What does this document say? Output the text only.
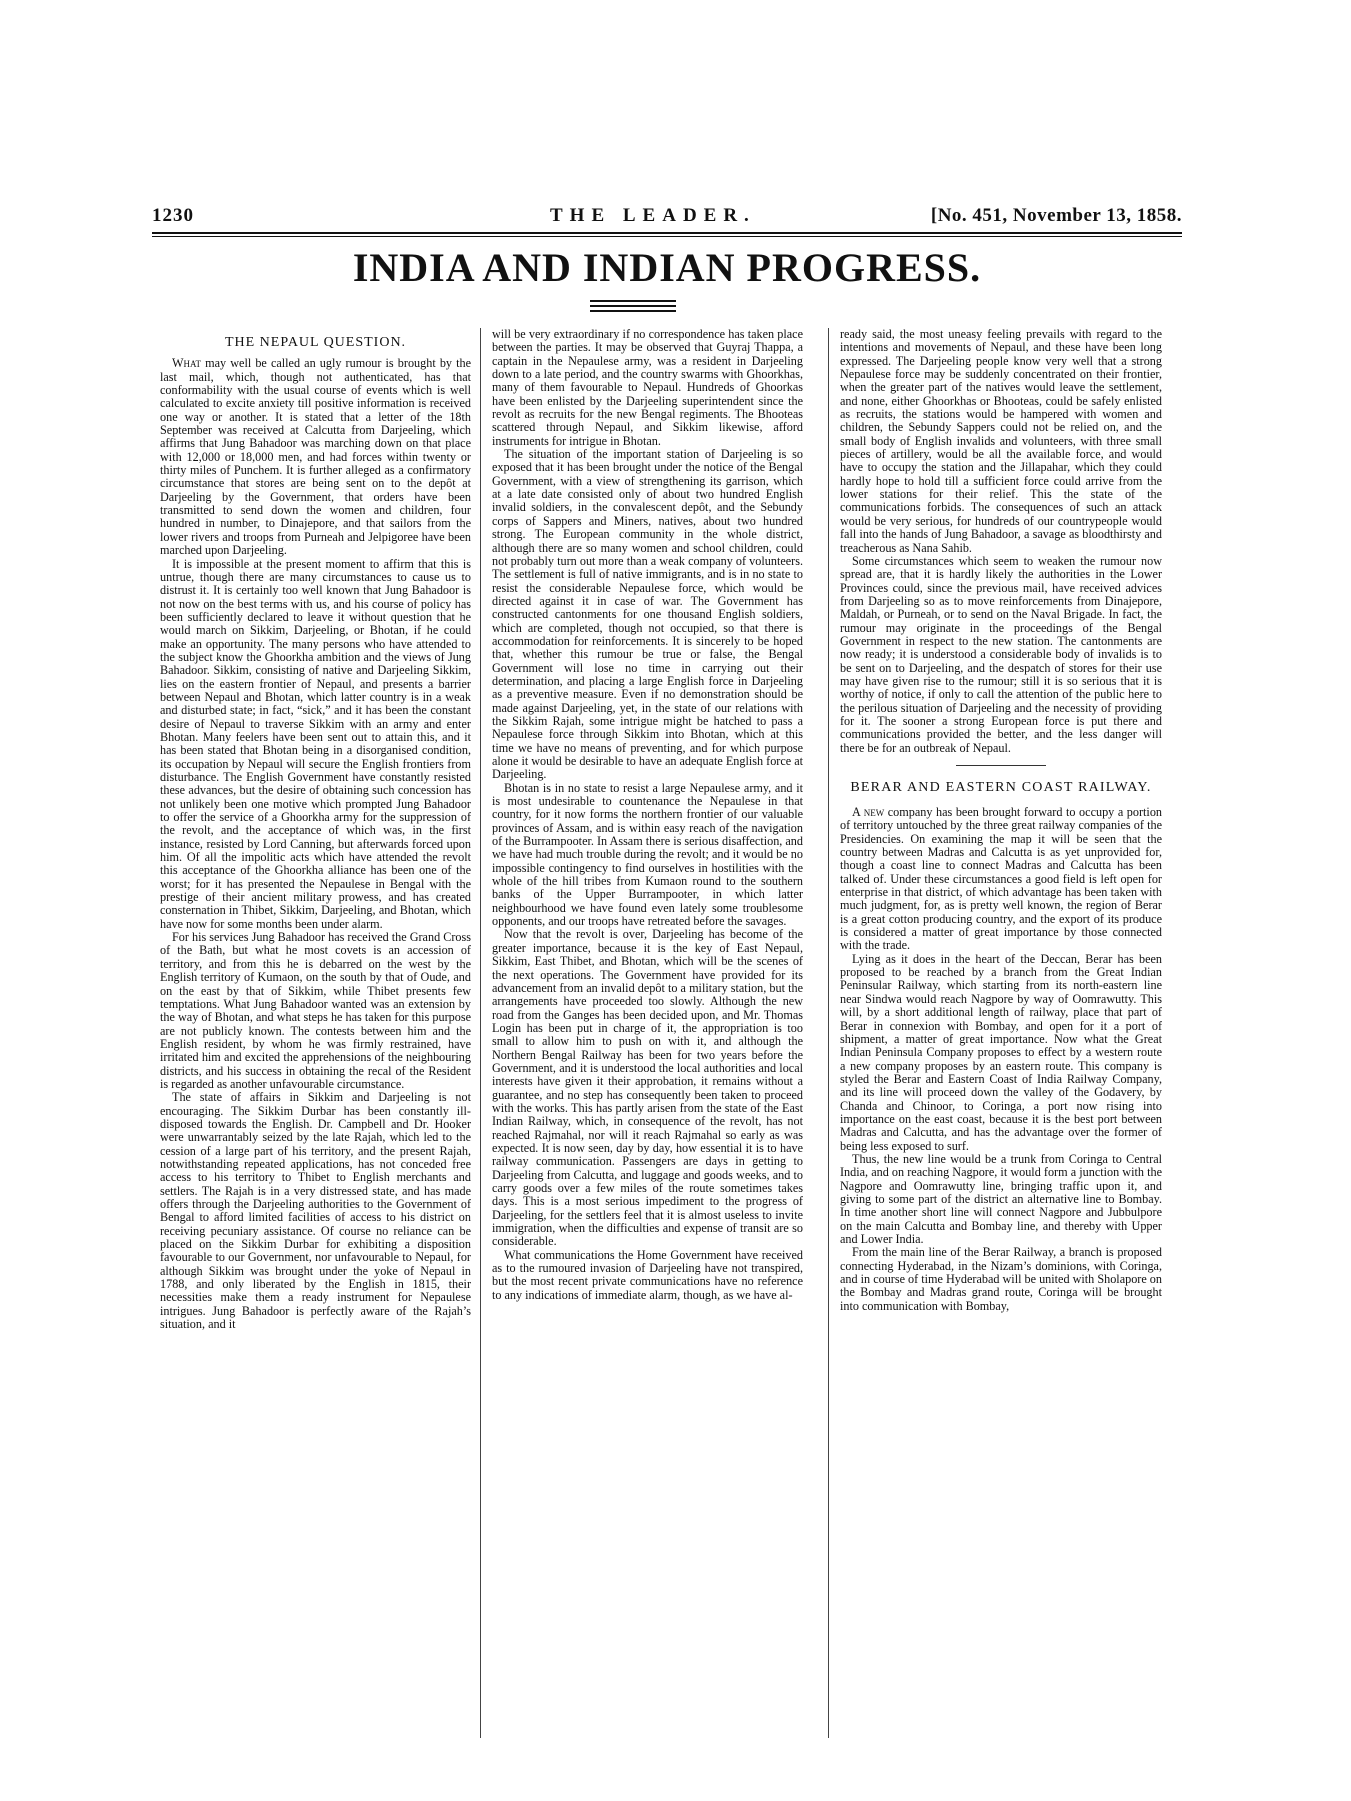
1230	THE LEADER.	[No. 451, November 13, 1858.
INDIA AND INDIAN PROGRESS.
THE NEPAUL QUESTION.

What may well be called an ugly rumour is brought by the last mail, which, though not authenticated, has that conformability with the usual course of events which is well calculated to excite anxiety till positive information is received one way or another. It is stated that a letter of the 18th September was received at Calcutta from Darjeeling, which affirms that Jung Bahadoor was marching down on that place with 12,000 or 18,000 men, and had forces within twenty or thirty miles of Punchem. It is further alleged as a confirmatory circumstance that stores are being sent on to the depôt at Darjeeling by the Government, that orders have been transmitted to send down the women and children, four hundred in number, to Dinajepore, and that sailors from the lower rivers and troops from Purneah and Jelpigoree have been marched upon Darjeeling.

It is impossible at the present moment to affirm that this is untrue, though there are many circumstances to cause us to distrust it. It is certainly too well known that Jung Bahadoor is not now on the best terms with us, and his course of policy has been sufficiently declared to leave it without question that he would march on Sikkim, Darjeeling, or Bhotan, if he could make an opportunity. The many persons who have attended to the subject know the Ghoorkha ambition and the views of Jung Bahadoor. Sikkim, consisting of native and Darjeeling Sikkim, lies on the eastern frontier of Nepaul, and presents a barrier between Nepaul and Bhotan, which latter country is in a weak and disturbed state; in fact, “sick,” and it has been the constant desire of Nepaul to traverse Sikkim with an army and enter Bhotan. Many feelers have been sent out to attain this, and it has been stated that Bhotan being in a disorganised condition, its occupation by Nepaul will secure the English frontiers from disturbance. The English Government have constantly resisted these advances, but the desire of obtaining such concession has not unlikely been one motive which prompted Jung Bahadoor to offer the service of a Ghoorkha army for the suppression of the revolt, and the acceptance of which was, in the first instance, resisted by Lord Canning, but afterwards forced upon him. Of all the impolitic acts which have attended the revolt this acceptance of the Ghoorkha alliance has been one of the worst; for it has presented the Nepaulese in Bengal with the prestige of their ancient military prowess, and has created consternation in Thibet, Sikkim, Darjeeling, and Bhotan, which have now for some months been under alarm.

For his services Jung Bahadoor has received the Grand Cross of the Bath, but what he most covets is an accession of territory, and from this he is debarred on the west by the English territory of Kumaon, on the south by that of Oude, and on the east by that of Sikkim, while Thibet presents few temptations. What Jung Bahadoor wanted was an extension by the way of Bhotan, and what steps he has taken for this purpose are not publicly known. The contests between him and the English resident, by whom he was firmly restrained, have irritated him and excited the apprehensions of the neighbouring districts, and his success in obtaining the recal of the Resident is regarded as another unfavourable circumstance.

The state of affairs in Sikkim and Darjeeling is not encouraging. The Sikkim Durbar has been constantly ill-disposed towards the English. Dr. Campbell and Dr. Hooker were unwarrantably seized by the late Rajah, which led to the cession of a large part of his territory, and the present Rajah, notwithstanding repeated applications, has not conceded free access to his territory to Thibet to English merchants and settlers. The Rajah is in a very distressed state, and has made offers through the Darjeeling authorities to the Government of Bengal to afford limited facilities of access to his district on receiving pecuniary assistance. Of course no reliance can be placed on the Sikkim Durbar for exhibiting a disposition favourable to our Government, nor unfavourable to Nepaul, for although Sikkim was brought under the yoke of Nepaul in 1788, and only liberated by the English in 1815, their necessities make them a ready instrument for Nepaulese intrigues. Jung Bahadoor is perfectly aware of the Rajah’s situation, and it

will be very extraordinary if no correspondence has taken place between the parties. It may be observed that Guyraj Thappa, a captain in the Nepaulese army, was a resident in Darjeeling down to a late period, and the country swarms with Ghoorkhas, many of them favourable to Nepaul. Hundreds of Ghoorkas have been enlisted by the Darjeeling superintendent since the revolt as recruits for the new Bengal regiments. The Bhooteas scattered through Nepaul, and Sikkim likewise, afford instruments for intrigue in Bhotan.

The situation of the important station of Darjeeling is so exposed that it has been brought under the notice of the Bengal Government, with a view of strengthening its garrison, which at a late date consisted only of about two hundred English invalid soldiers, in the convalescent depôt, and the Sebundy corps of Sappers and Miners, natives, about two hundred strong. The European community in the whole district, although there are so many women and school children, could not probably turn out more than a weak company of volunteers. The settlement is full of native immigrants, and is in no state to resist the considerable Nepaulese force, which would be directed against it in case of war. The Government has constructed cantonments for one thousand English soldiers, which are completed, though not occupied, so that there is accommodation for reinforcements. It is sincerely to be hoped that, whether this rumour be true or false, the Bengal Government will lose no time in carrying out their determination, and placing a large English force in Darjeeling as a preventive measure. Even if no demonstration should be made against Darjeeling, yet, in the state of our relations with the Sikkim Rajah, some intrigue might be hatched to pass a Nepaulese force through Sikkim into Bhotan, which at this time we have no means of preventing, and for which purpose alone it would be desirable to have an adequate English force at Darjeeling.

Bhotan is in no state to resist a large Nepaulese army, and it is most undesirable to countenance the Nepaulese in that country, for it now forms the northern frontier of our valuable provinces of Assam, and is within easy reach of the navigation of the Burrampooter. In Assam there is serious disaffection, and we have had much trouble during the revolt; and it would be no impossible contingency to find ourselves in hostilities with the whole of the hill tribes from Kumaon round to the southern banks of the Upper Burrampooter, in which latter neighbourhood we have found even lately some troublesome opponents, and our troops have retreated before the savages.

Now that the revolt is over, Darjeeling has become of the greater importance, because it is the key of East Nepaul, Sikkim, East Thibet, and Bhotan, which will be the scenes of the next operations. The Government have provided for its advancement from an invalid depôt to a military station, but the arrangements have proceeded too slowly. Although the new road from the Ganges has been decided upon, and Mr. Thomas Login has been put in charge of it, the appropriation is too small to allow him to push on with it, and although the Northern Bengal Railway has been for two years before the Government, and it is understood the local authorities and local interests have given it their approbation, it remains without a guarantee, and no step has consequently been taken to proceed with the works. This has partly arisen from the state of the East Indian Railway, which, in consequence of the revolt, has not reached Rajmahal, nor will it reach Rajmahal so early as was expected. It is now seen, day by day, how essential it is to have railway communication. Passengers are days in getting to Darjeeling from Calcutta, and luggage and goods weeks, and to carry goods over a few miles of the route sometimes takes days. This is a most serious impediment to the progress of Darjeeling, for the settlers feel that it is almost useless to invite immigration, when the difficulties and expense of transit are so considerable.

What communications the Home Government have received as to the rumoured invasion of Darjeeling have not transpired, but the most recent private communications have no reference to any indications of immediate alarm, though, as we have al-

ready said, the most uneasy feeling prevails with regard to the intentions and movements of Nepaul, and these have been long expressed. The Darjeeling people know very well that a strong Nepaulese force may be suddenly concentrated on their frontier, when the greater part of the natives would leave the settlement, and none, either Ghoorkhas or Bhooteas, could be safely enlisted as recruits, the stations would be hampered with women and children, the Sebundy Sappers could not be relied on, and the small body of English invalids and volunteers, with three small pieces of artillery, would be all the available force, and would have to occupy the station and the Jillapahar, which they could hardly hope to hold till a sufficient force could arrive from the lower stations for their relief. This the state of the communications forbids. The consequences of such an attack would be very serious, for hundreds of our countrypeople would fall into the hands of Jung Bahadoor, a savage as bloodthirsty and treacherous as Nana Sahib.

Some circumstances which seem to weaken the rumour now spread are, that it is hardly likely the authorities in the Lower Provinces could, since the previous mail, have received advices from Darjeeling so as to move reinforcements from Dinajepore, Maldah, or Purneah, or to send on the Naval Brigade. In fact, the rumour may originate in the proceedings of the Bengal Government in respect to the new station. The cantonments are now ready; it is understood a considerable body of invalids is to be sent on to Darjeeling, and the despatch of stores for their use may have given rise to the rumour; still it is so serious that it is worthy of notice, if only to call the attention of the public here to the perilous situation of Darjeeling and the necessity of providing for it. The sooner a strong European force is put there and communications provided the better, and the less danger will there be for an outbreak of Nepaul.

BERAR AND EASTERN COAST RAILWAY.

A new company has been brought forward to occupy a portion of territory untouched by the three great railway companies of the Presidencies. On examining the map it will be seen that the country between Madras and Calcutta is as yet unprovided for, though a coast line to connect Madras and Calcutta has been talked of. Under these circumstances a good field is left open for enterprise in that district, of which advantage has been taken with much judgment, for, as is pretty well known, the region of Berar is a great cotton producing country, and the export of its produce is considered a matter of great importance by those connected with the trade.

Lying as it does in the heart of the Deccan, Berar has been proposed to be reached by a branch from the Great Indian Peninsular Railway, which starting from its north-eastern line near Sindwa would reach Nagpore by way of Oomrawutty. This will, by a short additional length of railway, place that part of Berar in connexion with Bombay, and open for it a port of shipment, a matter of great importance. Now what the Great Indian Peninsula Company proposes to effect by a western route a new company proposes by an eastern route. This company is styled the Berar and Eastern Coast of India Railway Company, and its line will proceed down the valley of the Godavery, by Chanda and Chinoor, to Coringa, a port now rising into importance on the east coast, because it is the best port between Madras and Calcutta, and has the advantage over the former of being less exposed to surf.

Thus, the new line would be a trunk from Coringa to Central India, and on reaching Nagpore, it would form a junction with the Nagpore and Oomrawutty line, bringing traffic upon it, and giving to some part of the district an alternative line to Bombay. In time another short line will connect Nagpore and Jubbulpore on the main Calcutta and Bombay line, and thereby with Upper and Lower India.

From the main line of the Berar Railway, a branch is proposed connecting Hyderabad, in the Nizam’s dominions, with Coringa, and in course of time Hyderabad will be united with Sholapore on the Bombay and Madras grand route, Coringa will be brought into communication with Bombay,
